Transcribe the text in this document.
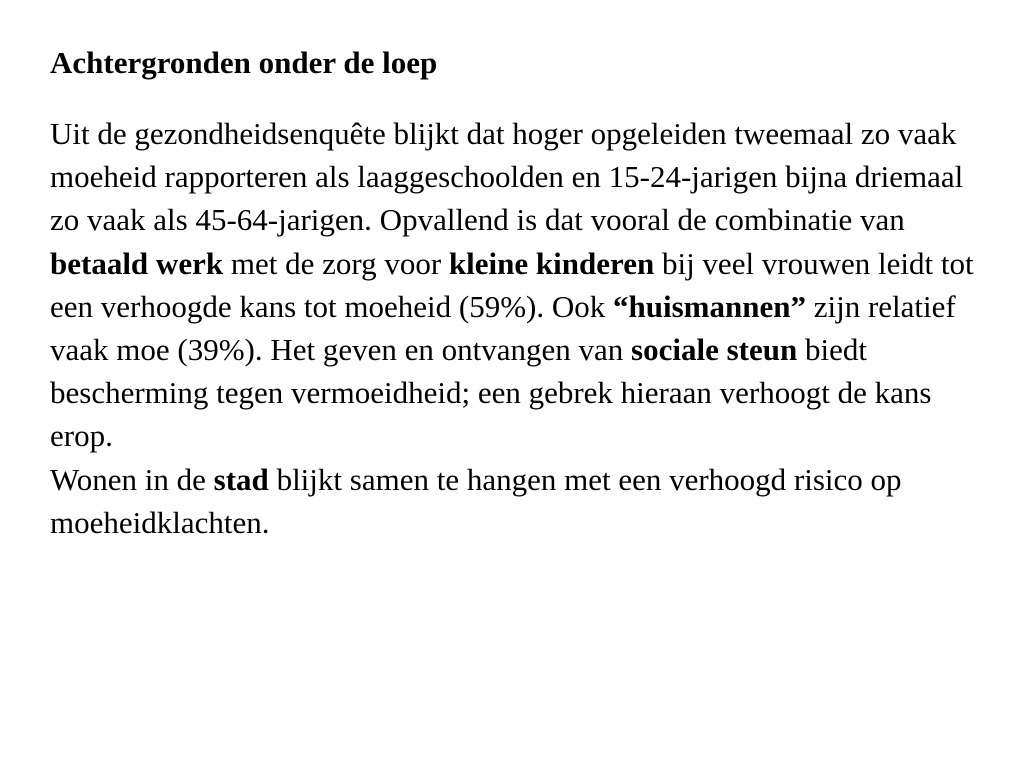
Achtergronden onder de loep

Uit de gezondheidsenquête blijkt dat hoger opgeleiden tweemaal zo vaak moeheid rapporteren als laaggeschoolden en 15-24-jarigen bijna driemaal zo vaak als 45-64-jarigen. Opvallend is dat vooral de combinatie van betaald werk met de zorg voor kleine kinderen bij veel vrouwen leidt tot een verhoogde kans tot moeheid (59%). Ook “huismannen” zijn relatief vaak moe (39%). Het geven en ontvangen van sociale steun biedt bescherming tegen vermoeidheid; een gebrek hieraan verhoogt de kans erop.

Wonen in de stad blijkt samen te hangen met een verhoogd risico op moeheidklachten.
